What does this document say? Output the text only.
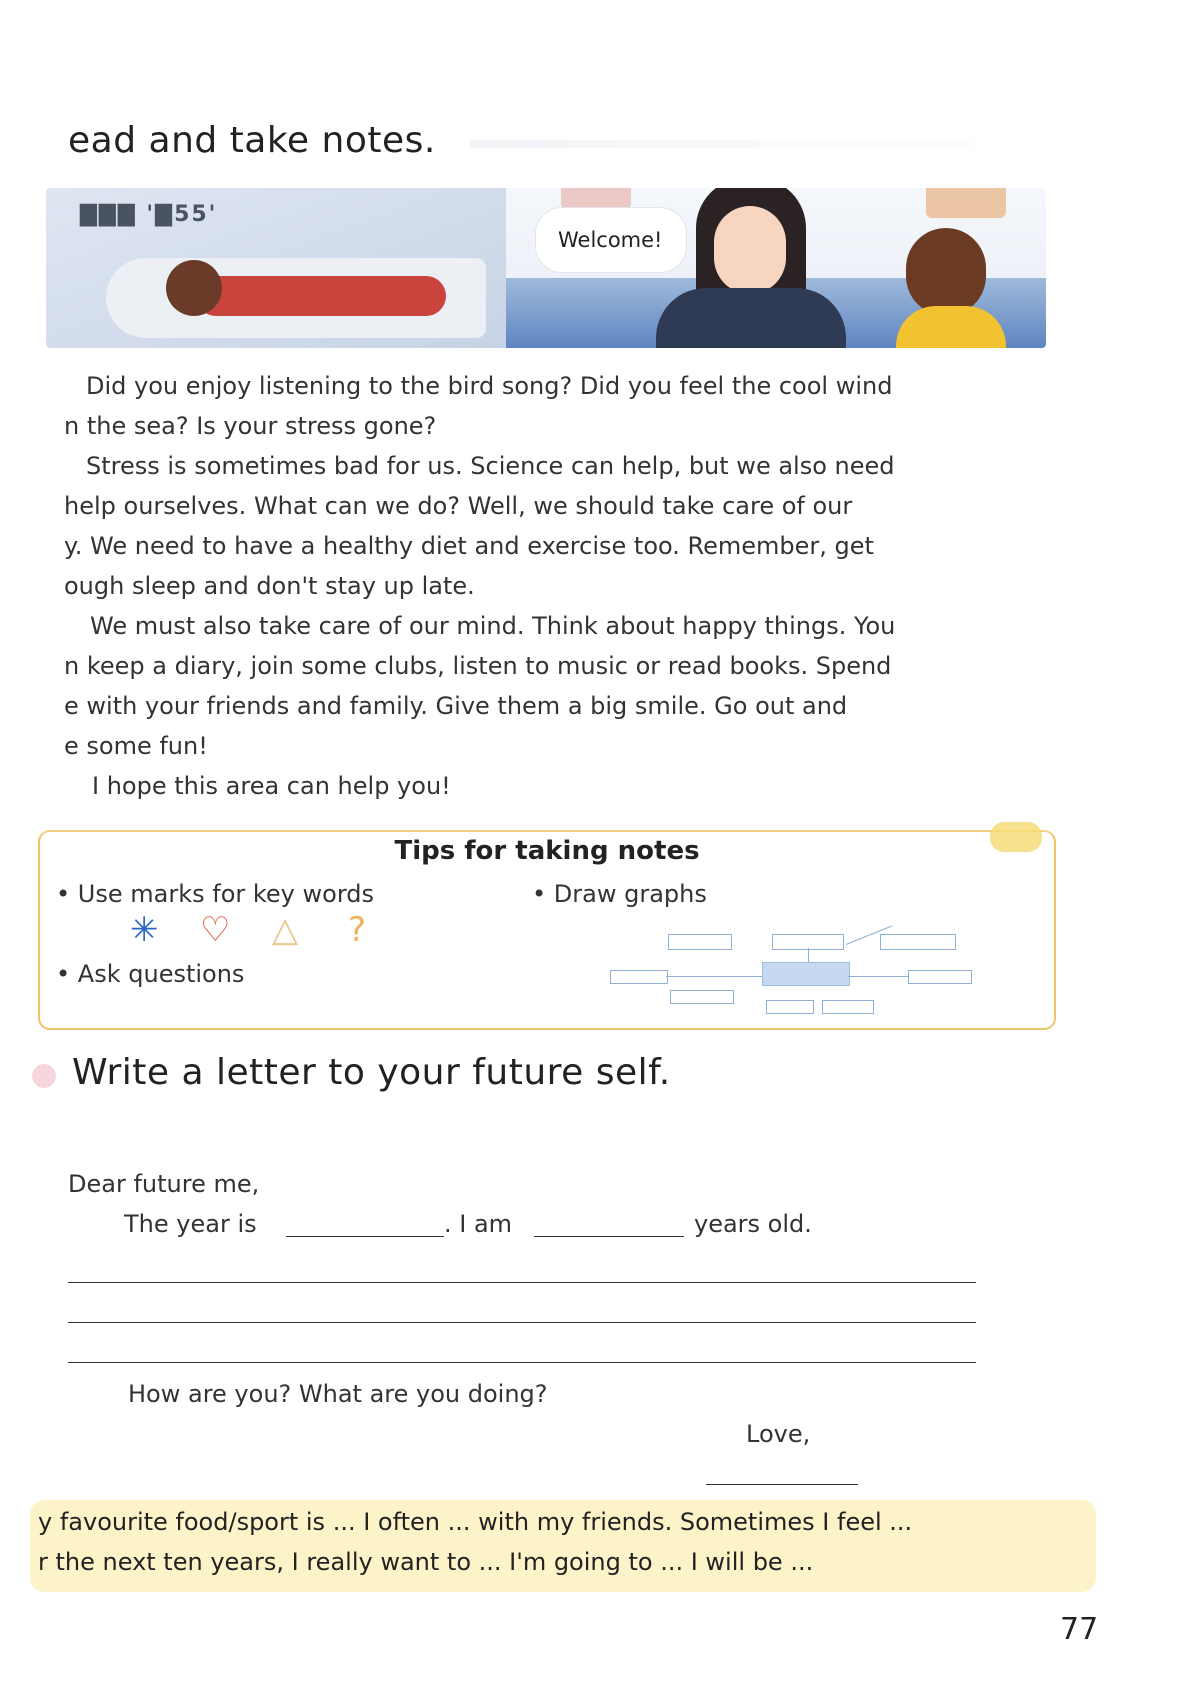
ead and take notes.
▇▇▇ '▇55'
Welcome!
Did you enjoy listening to the bird song? Did you feel the cool wind
n the sea? Is your stress gone?
Stress is sometimes bad for us. Science can help, but we also need
help ourselves. What can we do? Well, we should take care of our
y. We need to have a healthy diet and exercise too. Remember, get
ough sleep and don't stay up late.
We must also take care of our mind. Think about happy things. You
n keep a diary, join some clubs, listen to music or read books. Spend
e with your friends and family. Give them a big smile. Go out and
e some fun!
I hope this area can help you!
Tips for taking notes
• Use marks for key words	• Draw graphs
• Ask questions
✳ ♡ △ ?
Write a letter to your future self.
Dear future me,
The year is	. I am	years old.
How are you? What are you doing?
Love,
y favourite food/sport is ... I often ... with my friends. Sometimes I feel ...
r the next ten years, I really want to ... I'm going to ... I will be ...
77
